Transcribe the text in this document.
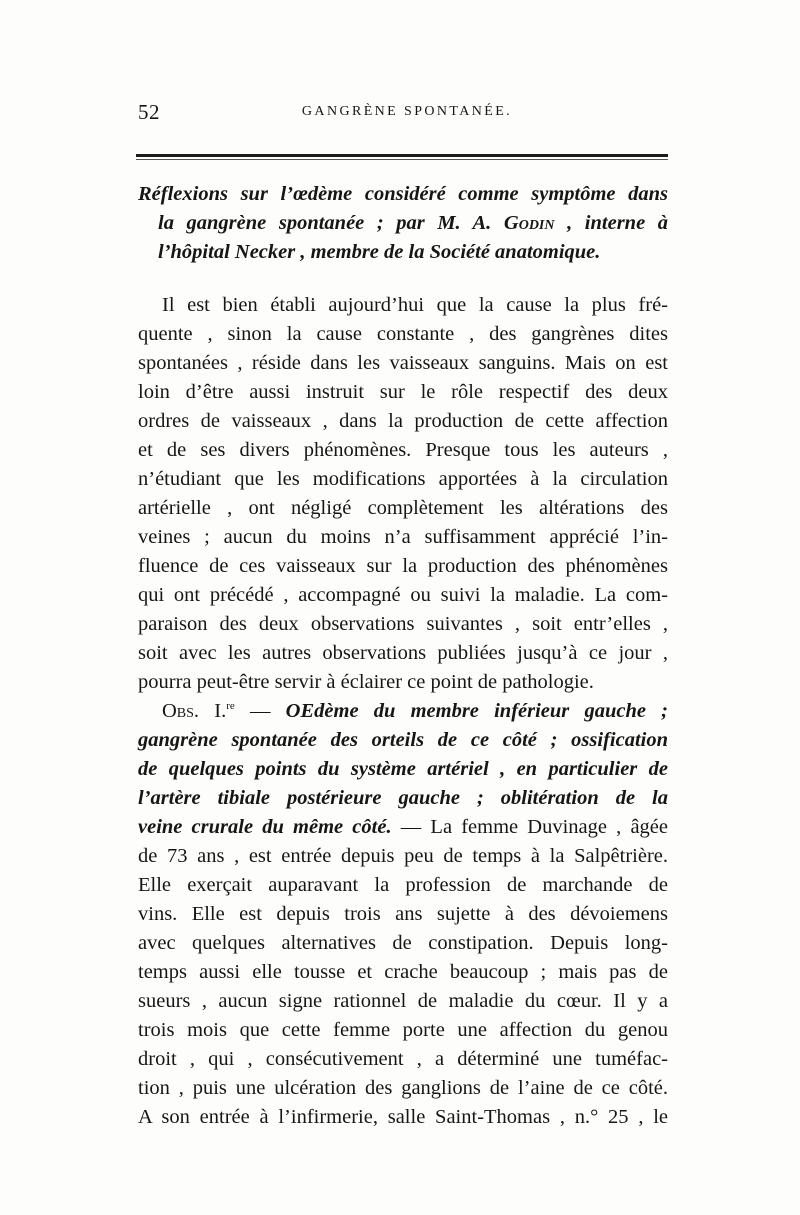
52	GANGRÈNE SPONTANÉE.
Réflexions sur l’œdème considéré comme symptôme dans
la gangrène spontanée ; par M. A. Godin , interne à
l’hôpital Necker , membre de la Société anatomique.
Il est bien établi aujourd’hui que la cause la plus fré-
quente , sinon la cause constante , des gangrènes dites
spontanées , réside dans les vaisseaux sanguins. Mais on est
loin d’être aussi instruit sur le rôle respectif des deux
ordres de vaisseaux , dans la production de cette affection
et de ses divers phénomènes. Presque tous les auteurs ,
n’étudiant que les modifications apportées à la circulation
artérielle , ont négligé complètement les altérations des
veines ; aucun du moins n’a suffisamment apprécié l’in-
fluence de ces vaisseaux sur la production des phénomènes
qui ont précédé , accompagné ou suivi la maladie. La com-
paraison des deux observations suivantes , soit entr’elles ,
soit avec les autres observations publiées jusqu’à ce jour ,
pourra peut-être servir à éclairer ce point de pathologie.
Obs. I.$^{re}$ — OEdème du membre inférieur gauche ;
gangrène spontanée des orteils de ce côté ; ossification
de quelques points du système artériel , en particulier de
l’artère tibiale postérieure gauche ; oblitération de la
veine crurale du même côté. — La femme Duvinage , âgée
de 73 ans , est entrée depuis peu de temps à la Salpêtrière.
Elle exerçait auparavant la profession de marchande de
vins. Elle est depuis trois ans sujette à des dévoiemens
avec quelques alternatives de constipation. Depuis long-
temps aussi elle tousse et crache beaucoup ; mais pas de
sueurs , aucun signe rationnel de maladie du cœur. Il y a
trois mois que cette femme porte une affection du genou
droit , qui , consécutivement , a déterminé une tuméfac-
tion , puis une ulcération des ganglions de l’aine de ce côté.
A son entrée à l’infirmerie, salle Saint-Thomas , n.° 25 , le
